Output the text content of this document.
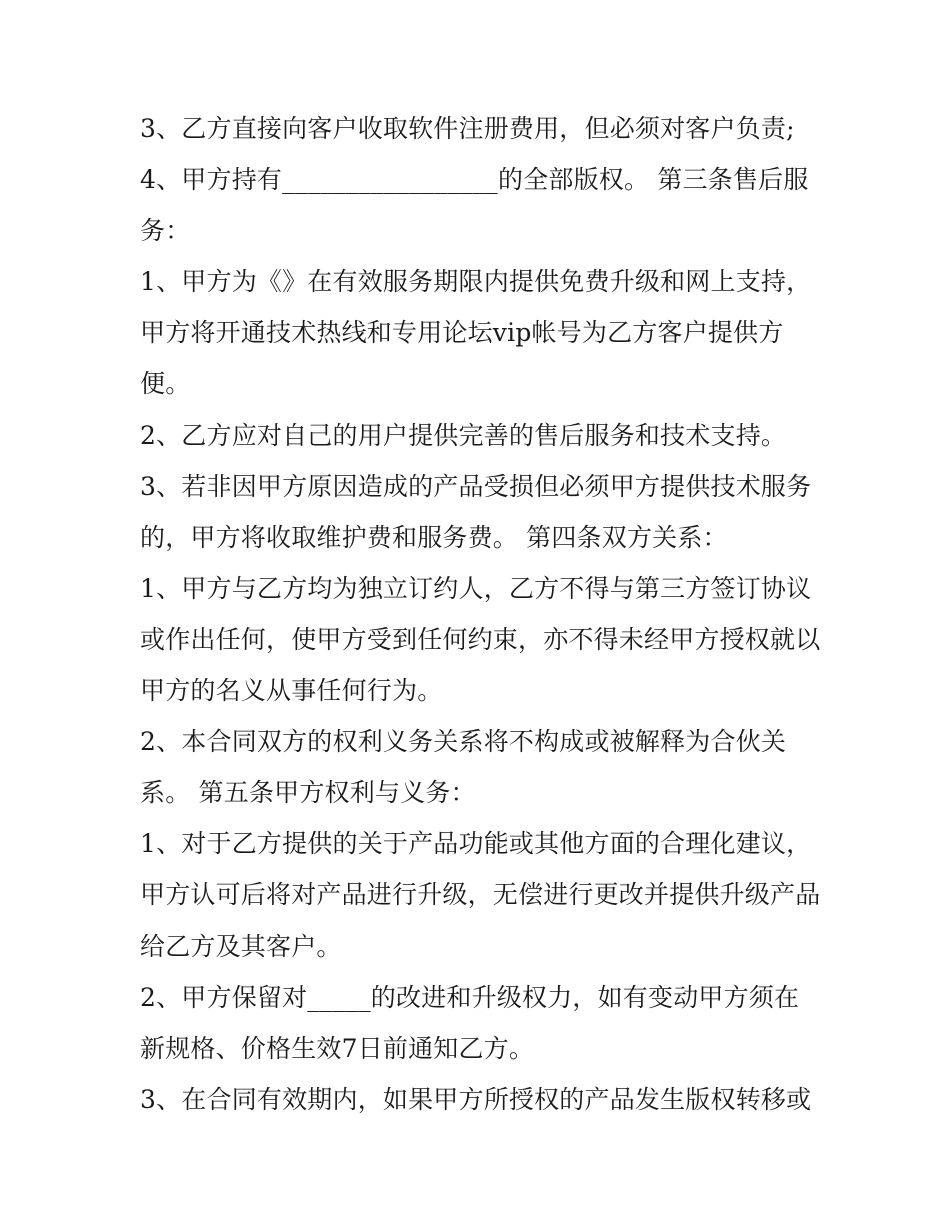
3、乙方直接向客户收取软件注册费用，但必须对客户负责;
4、甲方持有_________________的全部版权。 第三条售后服
务：
1、甲方为《》在有效服务期限内提供免费升级和网上支持，
甲方将开通技术热线和专用论坛vip帐号为乙方客户提供方
便。
2、乙方应对自己的用户提供完善的售后服务和技术支持。
3、若非因甲方原因造成的产品受损但必须甲方提供技术服务
的，甲方将收取维护费和服务费。 第四条双方关系：
1、甲方与乙方均为独立订约人，乙方不得与第三方签订协议
或作出任何，使甲方受到任何约束，亦不得未经甲方授权就以
甲方的名义从事任何行为。
2、本合同双方的权利义务关系将不构成或被解释为合伙关
系。 第五条甲方权利与义务：
1、对于乙方提供的关于产品功能或其他方面的合理化建议，
甲方认可后将对产品进行升级，无偿进行更改并提供升级产品
给乙方及其客户。
2、甲方保留对_____的改进和升级权力，如有变动甲方须在
新规格、价格生效7日前通知乙方。
3、在合同有效期内，如果甲方所授权的产品发生版权转移或
